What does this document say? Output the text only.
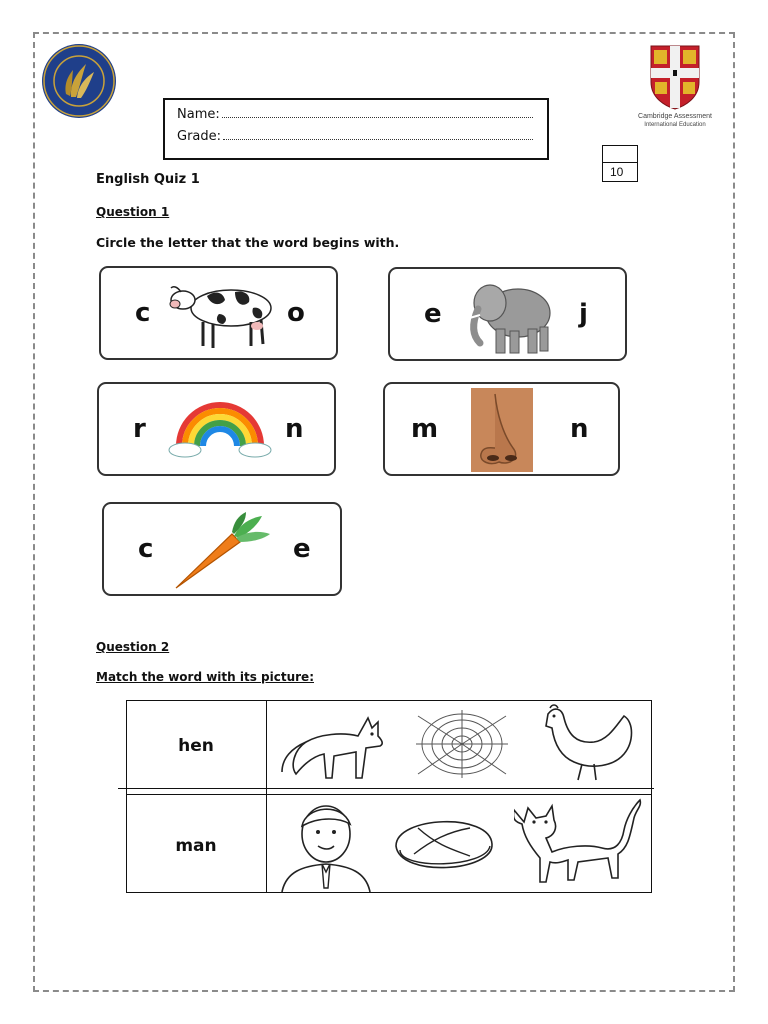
Cambridge Assessment
International Education
Name:
Grade:
10
English Quiz 1
Question 1
Circle the letter that the word begins with.
c	o	e	j
r	n	m	n
c	e
Question 2
Match the word with its picture:
hen
man
